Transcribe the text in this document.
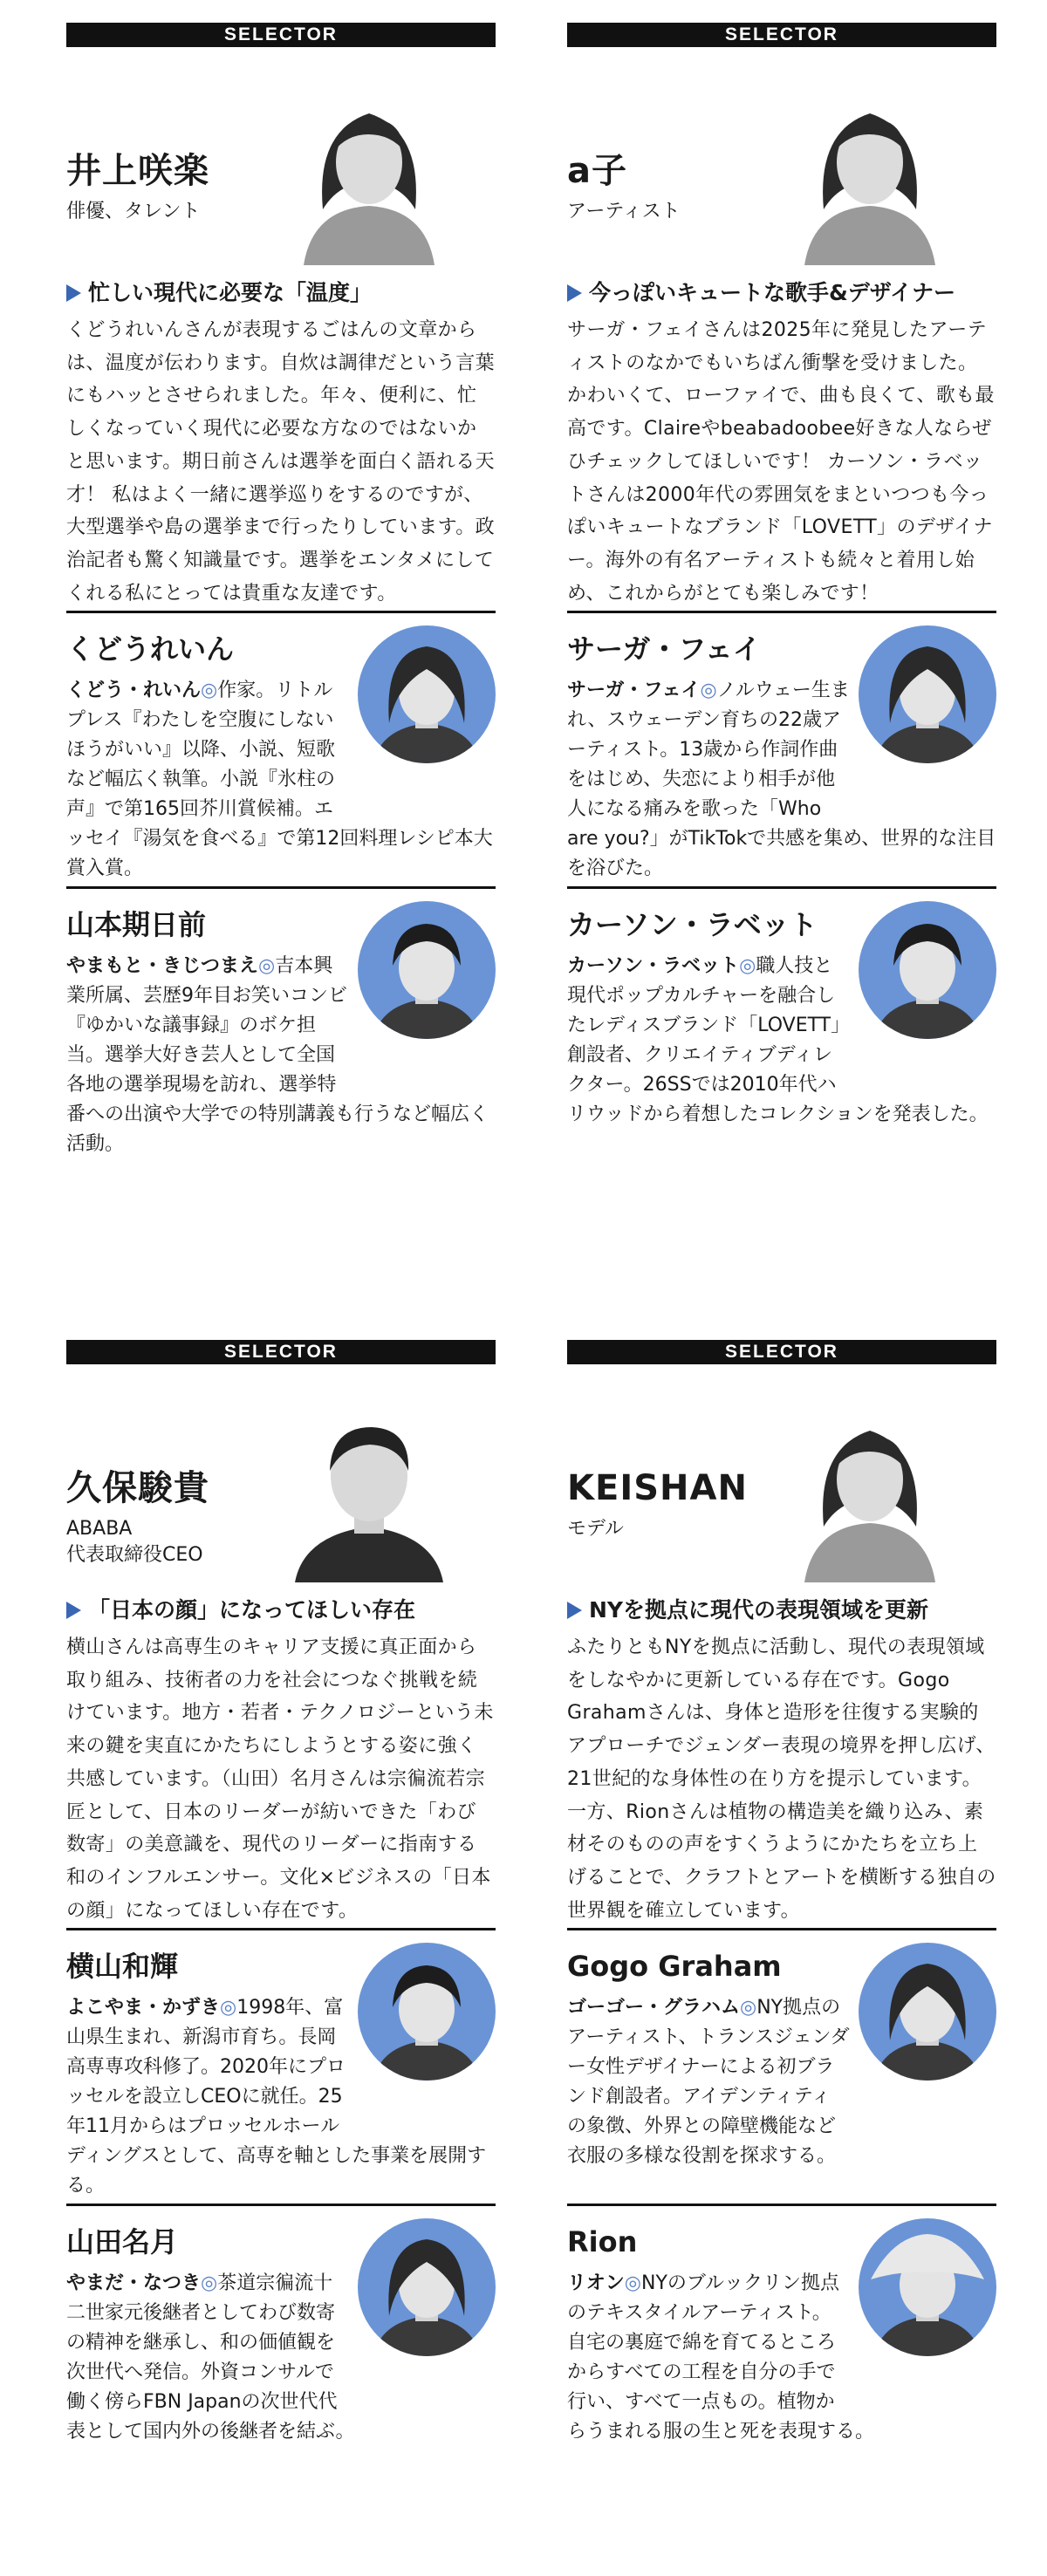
SELECTOR
井上咲楽
俳優、タレント
忙しい現代に必要な「温度」
くどうれいんさんが表現するごはんの文章からは、温度が伝わります。自炊は調律だという言葉にもハッとさせられました。年々、便利に、忙しくなっていく現代に必要な方なのではないかと思います。期日前さんは選挙を面白く語れる天才！ 私はよく一緒に選挙巡りをするのですが、大型選挙や島の選挙まで行ったりしています。政治記者も驚く知識量です。選挙をエンタメにしてくれる私にとっては貴重な友達です。
くどうれいん
くどう・れいん◎作家。リトルプレス『わたしを空腹にしないほうがいい』以降、小説、短歌など幅広く執筆。小説『氷柱の声』で第165回芥川賞候補。エッセイ『湯気を食べる』で第12回料理レシピ本大賞入賞。
山本期日前
やまもと・きじつまえ◎吉本興業所属、芸歴9年目お笑いコンビ『ゆかいな議事録』のボケ担当。選挙大好き芸人として全国各地の選挙現場を訪れ、選挙特番への出演や大学での特別講義も行うなど幅広く活動。
SELECTOR
a子
アーティスト
今っぽいキュートな歌手&デザイナー
サーガ・フェイさんは2025年に発見したアーティストのなかでもいちばん衝撃を受けました。かわいくて、ローファイで、曲も良くて、歌も最高です。Claireやbeabadoobee好きな人ならぜひチェックしてほしいです！ カーソン・ラベットさんは2000年代の雰囲気をまといつつも今っぽいキュートなブランド「LOVETT」のデザイナー。海外の有名アーティストも続々と着用し始め、これからがとても楽しみです！
サーガ・フェイ
サーガ・フェイ◎ノルウェー生まれ、スウェーデン育ちの22歳アーティスト。13歳から作詞作曲をはじめ、失恋により相手が他人になる痛みを歌った「Who are you?」がTikTokで共感を集め、世界的な注目を浴びた。
カーソン・ラベット
カーソン・ラベット◎職人技と現代ポップカルチャーを融合したレディスブランド「LOVETT」創設者、クリエイティブディレクター。26SSでは2010年代ハリウッドから着想したコレクションを発表した。
SELECTOR
久保駿貴
ABABA
代表取締役CEO
「日本の顔」になってほしい存在
横山さんは高専生のキャリア支援に真正面から取り組み、技術者の力を社会につなぐ挑戦を続けています。地方・若者・テクノロジーという未来の鍵を実直にかたちにしようとする姿に強く共感しています。（山田）名月さんは宗徧流若宗匠として、日本のリーダーが紡いできた「わび数寄」の美意識を、現代のリーダーに指南する和のインフルエンサー。文化×ビジネスの「日本の顔」になってほしい存在です。
横山和輝
よこやま・かずき◎1998年、富山県生まれ、新潟市育ち。長岡高専専攻科修了。2020年にプロッセルを設立しCEOに就任。25年11月からはプロッセルホールディングスとして、高専を軸とした事業を展開する。
山田名月
やまだ・なつき◎茶道宗徧流十二世家元後継者としてわび数寄の精神を継承し、和の価値観を次世代へ発信。外資コンサルで働く傍らFBN Japanの次世代代表として国内外の後継者を結ぶ。
SELECTOR
KEISHAN
モデル
NYを拠点に現代の表現領域を更新
ふたりともNYを拠点に活動し、現代の表現領域をしなやかに更新している存在です。Gogo Grahamさんは、身体と造形を往復する実験的アプローチでジェンダー表現の境界を押し広げ、21世紀的な身体性の在り方を提示しています。一方、Rionさんは植物の構造美を織り込み、素材そのものの声をすくうようにかたちを立ち上げることで、クラフトとアートを横断する独自の世界観を確立しています。
Gogo Graham
ゴーゴー・グラハム◎NY拠点のアーティスト、トランスジェンダー女性デザイナーによる初ブランド創設者。アイデンティティの象徴、外界との障壁機能など衣服の多様な役割を探求する。
Rion
リオン◎NYのブルックリン拠点のテキスタイルアーティスト。自宅の裏庭で綿を育てるところからすべての工程を自分の手で行い、すべて一点もの。植物からうまれる服の生と死を表現する。
